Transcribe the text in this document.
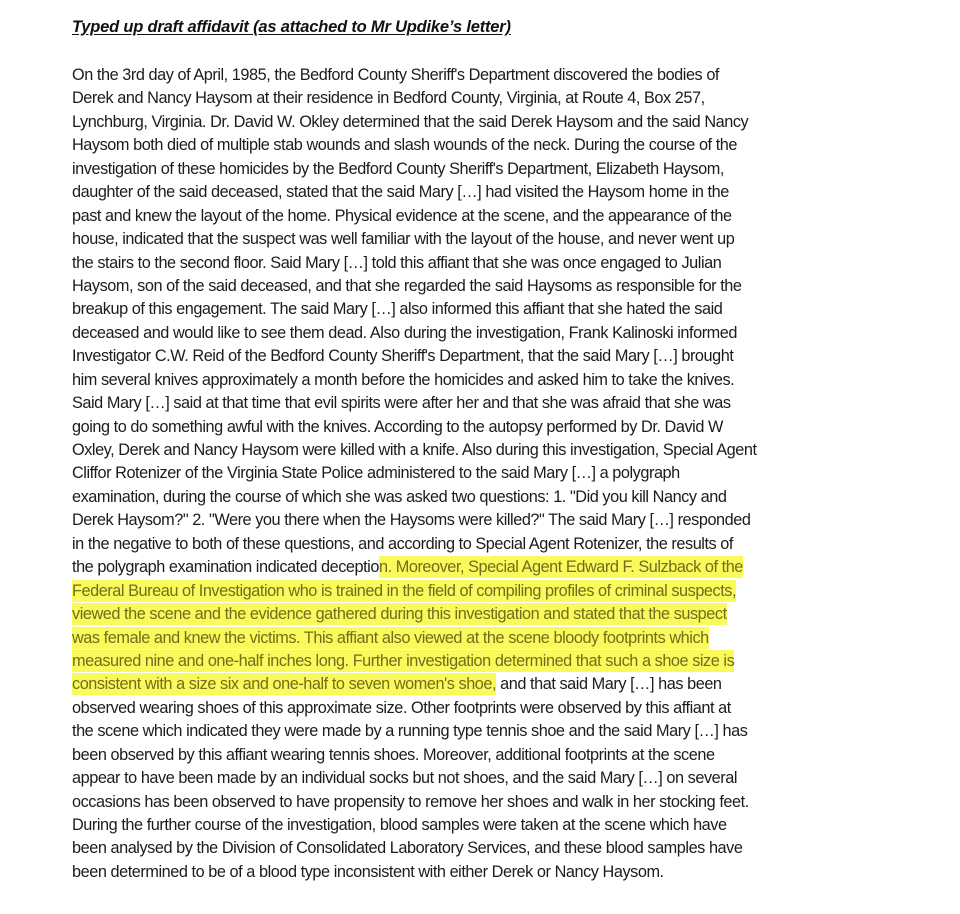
Typed up draft affidavit (as attached to Mr Updike’s letter)
On the 3rd day of April, 1985, the Bedford County Sheriff's Department discovered the bodies of
Derek and Nancy Haysom at their residence in Bedford County, Virginia, at Route 4, Box 257,
Lynchburg, Virginia. Dr. David W. Okley determined that the said Derek Haysom and the said Nancy
Haysom both died of multiple stab wounds and slash wounds of the neck. During the course of the
investigation of these homicides by the Bedford County Sheriff's Department, Elizabeth Haysom,
daughter of the said deceased, stated that the said Mary […] had visited the Haysom home in the
past and knew the layout of the home. Physical evidence at the scene, and the appearance of the
house, indicated that the suspect was well familiar with the layout of the house, and never went up
the stairs to the second floor. Said Mary […] told this affiant that she was once engaged to Julian
Haysom, son of the said deceased, and that she regarded the said Haysoms as responsible for the
breakup of this engagement. The said Mary […] also informed this affiant that she hated the said
deceased and would like to see them dead. Also during the investigation, Frank Kalinoski informed
Investigator C.W. Reid of the Bedford County Sheriff's Department, that the said Mary […] brought
him several knives approximately a month before the homicides and asked him to take the knives.
Said Mary […] said at that time that evil spirits were after her and that she was afraid that she was
going to do something awful with the knives. According to the autopsy performed by Dr. David W
Oxley, Derek and Nancy Haysom were killed with a knife. Also during this investigation, Special Agent
Cliffor Rotenizer of the Virginia State Police administered to the said Mary […] a polygraph
examination, during the course of which she was asked two questions: 1. "Did you kill Nancy and
Derek Haysom?" 2. "Were you there when the Haysoms were killed?" The said Mary […] responded
in the negative to both of these questions, and according to Special Agent Rotenizer, the results of
the polygraph examination indicated deception. Moreover, Special Agent Edward F. Sulzback of the
Federal Bureau of Investigation who is trained in the field of compiling profiles of criminal suspects,
viewed the scene and the evidence gathered during this investigation and stated that the suspect
was female and knew the victims. This affiant also viewed at the scene bloody footprints which
measured nine and one-half inches long. Further investigation determined that such a shoe size is
consistent with a size six and one-half to seven women's shoe, and that said Mary […] has been
observed wearing shoes of this approximate size. Other footprints were observed by this affiant at
the scene which indicated they were made by a running type tennis shoe and the said Mary […] has
been observed by this affiant wearing tennis shoes. Moreover, additional footprints at the scene
appear to have been made by an individual socks but not shoes, and the said Mary […] on several
occasions has been observed to have propensity to remove her shoes and walk in her stocking feet.
During the further course of the investigation, blood samples were taken at the scene which have
been analysed by the Division of Consolidated Laboratory Services, and these blood samples have
been determined to be of a blood type inconsistent with either Derek or Nancy Haysom.
